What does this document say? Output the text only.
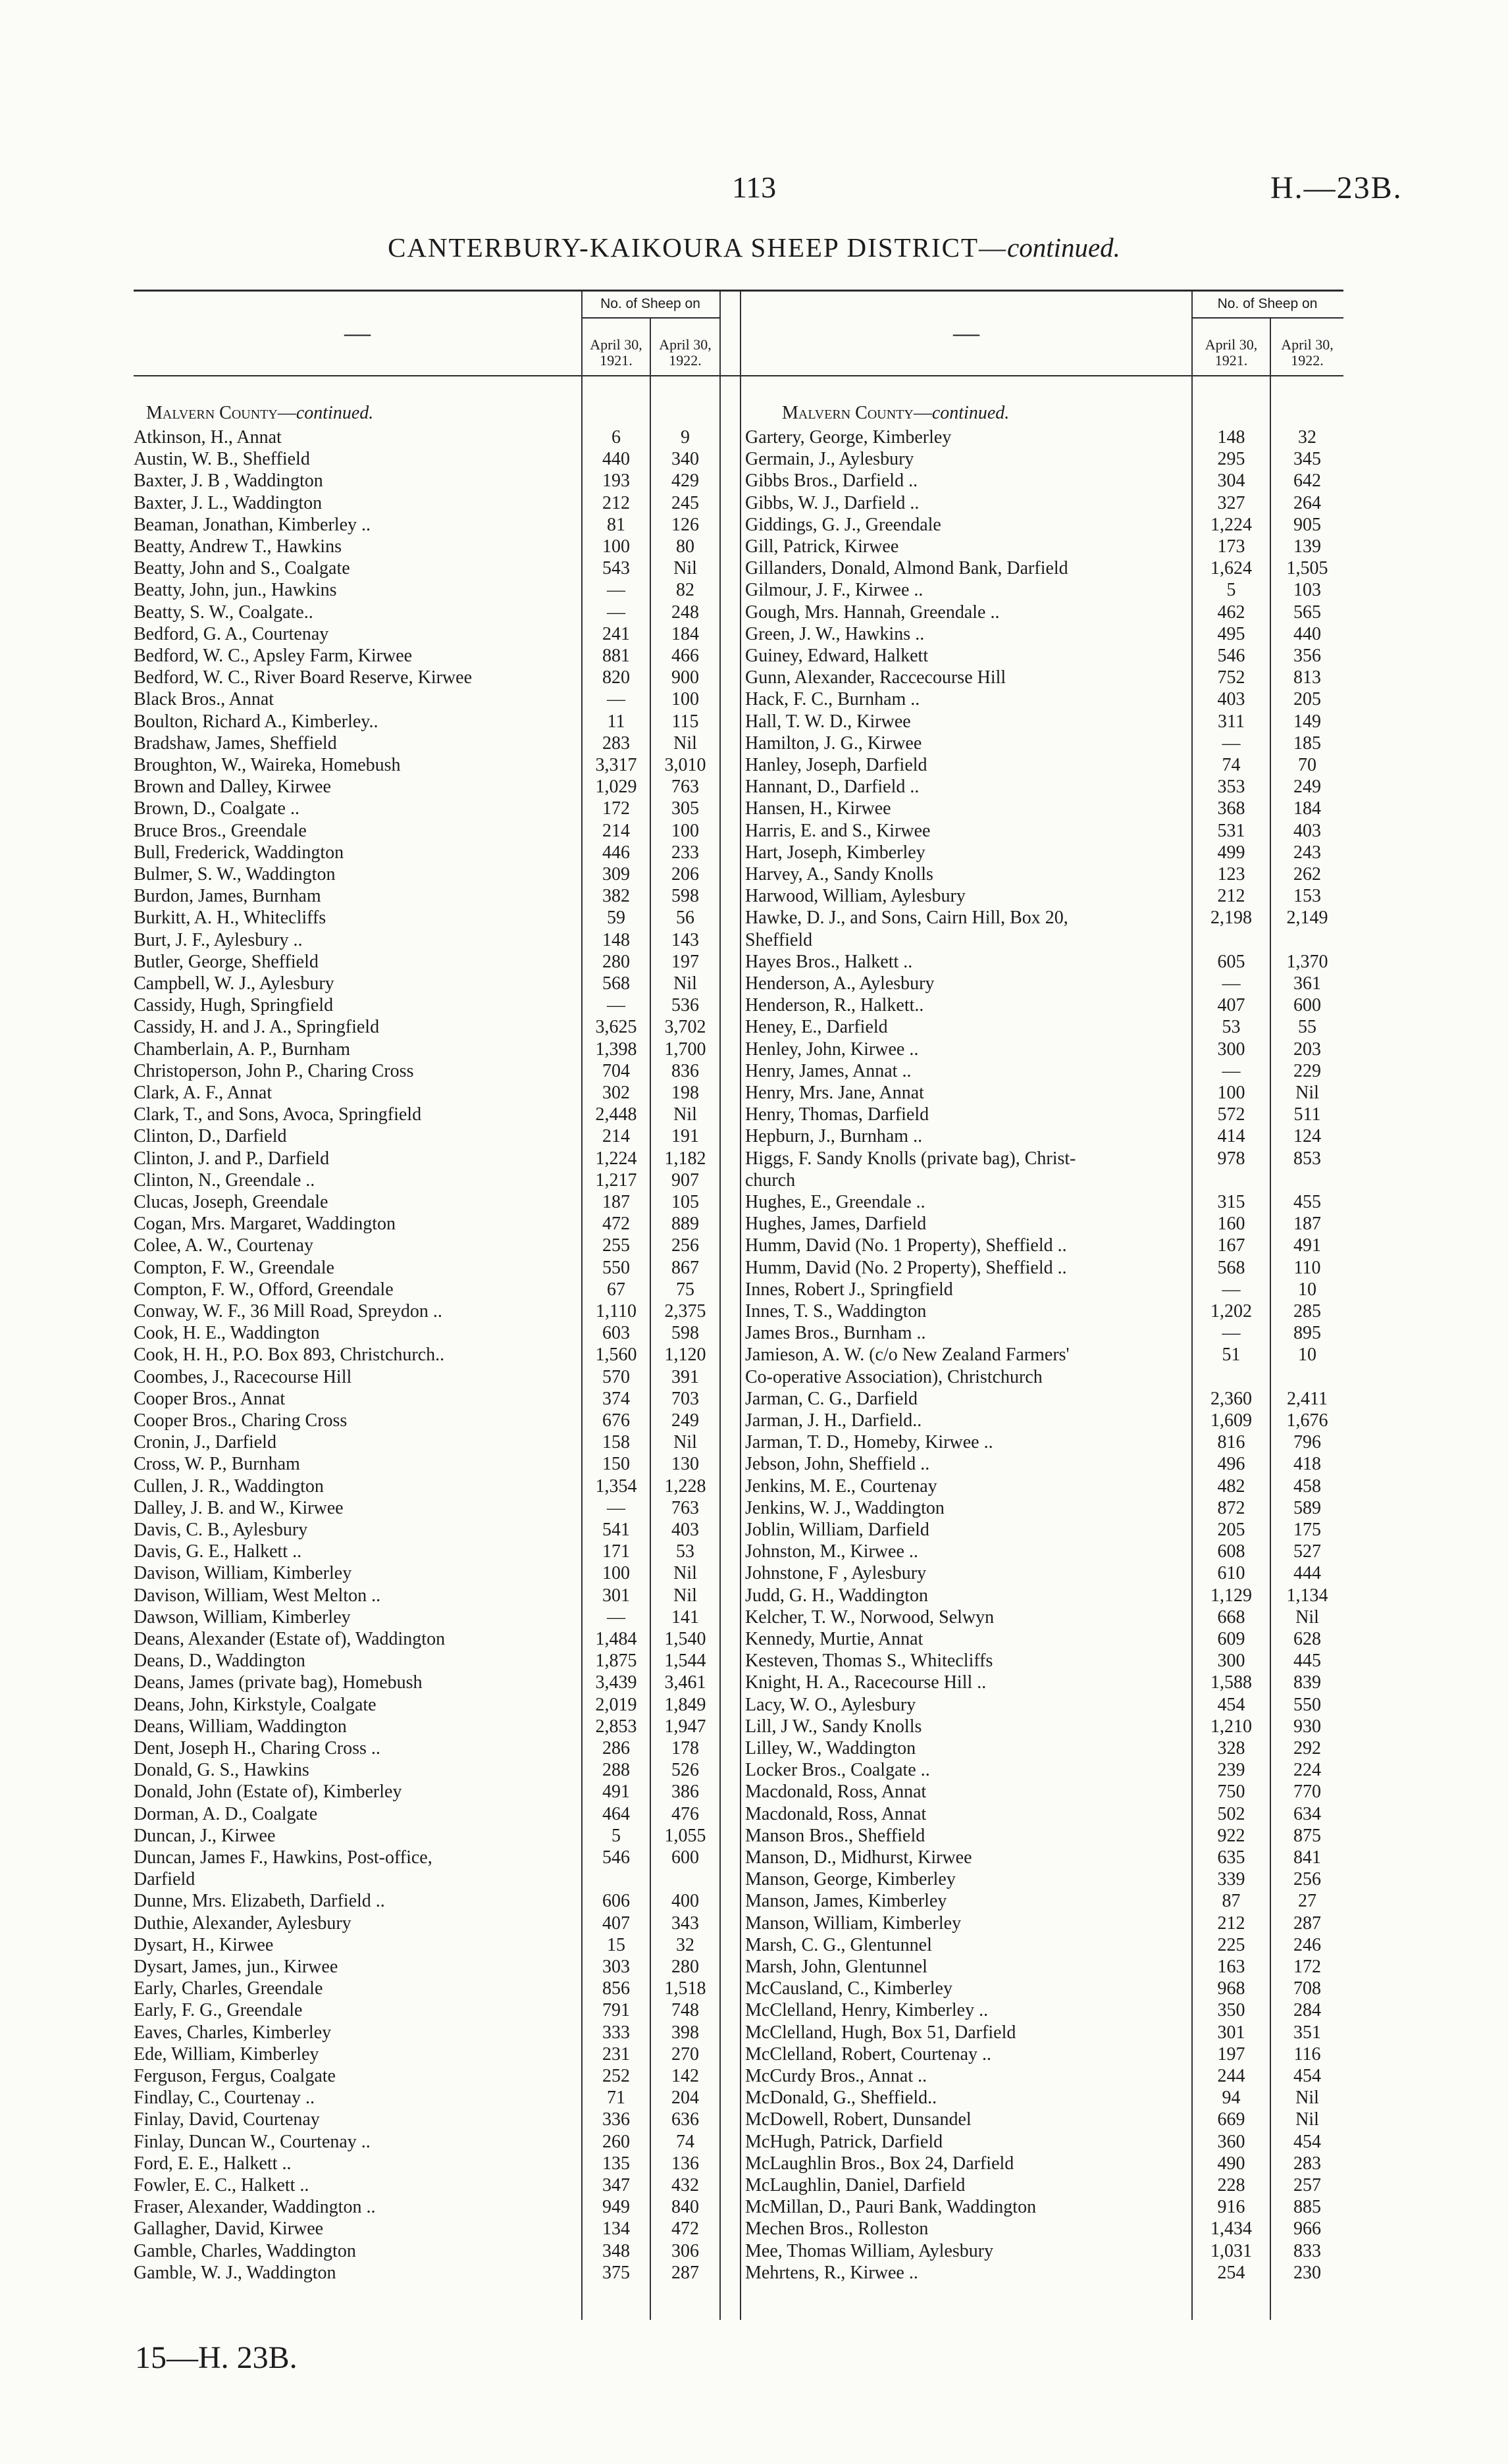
113	H.—23B.
CANTERBURY-KAIKOURA SHEEP DISTRICT—continued.
—
No. of Sheep on
April 30,
1921.
April 30,
1922.
—
No. of Sheep on
April 30,
1921.
April 30,
1922.
Malvern County—continued.	Malvern County—continued.
Atkinson, H., Annat	6	9
Austin, W. B., Sheffield	440	340
Baxter, J. B , Waddington	193	429
Baxter, J. L., Waddington	212	245
Beaman, Jonathan, Kimberley ..	81	126
Beatty, Andrew T., Hawkins	100	80
Beatty, John and S., Coalgate	543	Nil
Beatty, John, jun., Hawkins	—	82
Beatty, S. W., Coalgate..	—	248
Bedford, G. A., Courtenay	241	184
Bedford, W. C., Apsley Farm, Kirwee	881	466
Bedford, W. C., River Board Reserve, Kirwee	820	900
Black Bros., Annat	—	100
Boulton, Richard A., Kimberley..	11	115
Bradshaw, James, Sheffield	283	Nil
Broughton, W., Waireka, Homebush	3,317	3,010
Brown and Dalley, Kirwee	1,029	763
Brown, D., Coalgate ..	172	305
Bruce Bros., Greendale	214	100
Bull, Frederick, Waddington	446	233
Bulmer, S. W., Waddington	309	206
Burdon, James, Burnham	382	598
Burkitt, A. H., Whitecliffs	59	56
Burt, J. F., Aylesbury ..	148	143
Butler, George, Sheffield	280	197
Campbell, W. J., Aylesbury	568	Nil
Cassidy, Hugh, Springfield	—	536
Cassidy, H. and J. A., Springfield	3,625	3,702
Chamberlain, A. P., Burnham	1,398	1,700
Christoperson, John P., Charing Cross	704	836
Clark, A. F., Annat	302	198
Clark, T., and Sons, Avoca, Springfield	2,448	Nil
Clinton, D., Darfield	214	191
Clinton, J. and P., Darfield	1,224	1,182
Clinton, N., Greendale ..	1,217	907
Clucas, Joseph, Greendale	187	105
Cogan, Mrs. Margaret, Waddington	472	889
Colee, A. W., Courtenay	255	256
Compton, F. W., Greendale	550	867
Compton, F. W., Offord, Greendale	67	75
Conway, W. F., 36 Mill Road, Spreydon ..	1,110	2,375
Cook, H. E., Waddington	603	598
Cook, H. H., P.O. Box 893, Christchurch..	1,560	1,120
Coombes, J., Racecourse Hill	570	391
Cooper Bros., Annat	374	703
Cooper Bros., Charing Cross	676	249
Cronin, J., Darfield	158	Nil
Cross, W. P., Burnham	150	130
Cullen, J. R., Waddington	1,354	1,228
Dalley, J. B. and W., Kirwee	—	763
Davis, C. B., Aylesbury	541	403
Davis, G. E., Halkett ..	171	53
Davison, William, Kimberley	100	Nil
Davison, William, West Melton ..	301	Nil
Dawson, William, Kimberley	—	141
Deans, Alexander (Estate of), Waddington	1,484	1,540
Deans, D., Waddington	1,875	1,544
Deans, James (private bag), Homebush	3,439	3,461
Deans, John, Kirkstyle, Coalgate	2,019	1,849
Deans, William, Waddington	2,853	1,947
Dent, Joseph H., Charing Cross ..	286	178
Donald, G. S., Hawkins	288	526
Donald, John (Estate of), Kimberley	491	386
Dorman, A. D., Coalgate	464	476
Duncan, J., Kirwee	5	1,055
Duncan, James F., Hawkins, Post-office,	546	600
Darfield
Dunne, Mrs. Elizabeth, Darfield ..	606	400
Duthie, Alexander, Aylesbury	407	343
Dysart, H., Kirwee	15	32
Dysart, James, jun., Kirwee	303	280
Early, Charles, Greendale	856	1,518
Early, F. G., Greendale	791	748
Eaves, Charles, Kimberley	333	398
Ede, William, Kimberley	231	270
Ferguson, Fergus, Coalgate	252	142
Findlay, C., Courtenay ..	71	204
Finlay, David, Courtenay	336	636
Finlay, Duncan W., Courtenay ..	260	74
Ford, E. E., Halkett ..	135	136
Fowler, E. C., Halkett ..	347	432
Fraser, Alexander, Waddington ..	949	840
Gallagher, David, Kirwee	134	472
Gamble, Charles, Waddington	348	306
Gamble, W. J., Waddington	375	287
Gartery, George, Kimberley	148	32
Germain, J., Aylesbury	295	345
Gibbs Bros., Darfield ..	304	642
Gibbs, W. J., Darfield ..	327	264
Giddings, G. J., Greendale	1,224	905
Gill, Patrick, Kirwee	173	139
Gillanders, Donald, Almond Bank, Darfield	1,624	1,505
Gilmour, J. F., Kirwee ..	5	103
Gough, Mrs. Hannah, Greendale ..	462	565
Green, J. W., Hawkins ..	495	440
Guiney, Edward, Halkett	546	356
Gunn, Alexander, Raccecourse Hill	752	813
Hack, F. C., Burnham ..	403	205
Hall, T. W. D., Kirwee	311	149
Hamilton, J. G., Kirwee	—	185
Hanley, Joseph, Darfield	74	70
Hannant, D., Darfield ..	353	249
Hansen, H., Kirwee	368	184
Harris, E. and S., Kirwee	531	403
Hart, Joseph, Kimberley	499	243
Harvey, A., Sandy Knolls	123	262
Harwood, William, Aylesbury	212	153
Hawke, D. J., and Sons, Cairn Hill, Box 20,	2,198	2,149
Sheffield
Hayes Bros., Halkett ..	605	1,370
Henderson, A., Aylesbury	—	361
Henderson, R., Halkett..	407	600
Heney, E., Darfield	53	55
Henley, John, Kirwee ..	300	203
Henry, James, Annat ..	—	229
Henry, Mrs. Jane, Annat	100	Nil
Henry, Thomas, Darfield	572	511
Hepburn, J., Burnham ..	414	124
Higgs, F. Sandy Knolls (private bag), Christ-	978	853
church
Hughes, E., Greendale ..	315	455
Hughes, James, Darfield	160	187
Humm, David (No. 1 Property), Sheffield ..	167	491
Humm, David (No. 2 Property), Sheffield ..	568	110
Innes, Robert J., Springfield	—	10
Innes, T. S., Waddington	1,202	285
James Bros., Burnham ..	—	895
Jamieson, A. W. (c/o New Zealand Farmers'	51	10
Co-operative Association), Christchurch
Jarman, C. G., Darfield	2,360	2,411
Jarman, J. H., Darfield..	1,609	1,676
Jarman, T. D., Homeby, Kirwee ..	816	796
Jebson, John, Sheffield ..	496	418
Jenkins, M. E., Courtenay	482	458
Jenkins, W. J., Waddington	872	589
Joblin, William, Darfield	205	175
Johnston, M., Kirwee ..	608	527
Johnstone, F , Aylesbury	610	444
Judd, G. H., Waddington	1,129	1,134
Kelcher, T. W., Norwood, Selwyn	668	Nil
Kennedy, Murtie, Annat	609	628
Kesteven, Thomas S., Whitecliffs	300	445
Knight, H. A., Racecourse Hill ..	1,588	839
Lacy, W. O., Aylesbury	454	550
Lill, J W., Sandy Knolls	1,210	930
Lilley, W., Waddington	328	292
Locker Bros., Coalgate ..	239	224
Macdonald, Ross, Annat	750	770
Macdonald, Ross, Annat	502	634
Manson Bros., Sheffield	922	875
Manson, D., Midhurst, Kirwee	635	841
Manson, George, Kimberley	339	256
Manson, James, Kimberley	87	27
Manson, William, Kimberley	212	287
Marsh, C. G., Glentunnel	225	246
Marsh, John, Glentunnel	163	172
McCausland, C., Kimberley	968	708
McClelland, Henry, Kimberley ..	350	284
McClelland, Hugh, Box 51, Darfield	301	351
McClelland, Robert, Courtenay ..	197	116
McCurdy Bros., Annat ..	244	454
McDonald, G., Sheffield..	94	Nil
McDowell, Robert, Dunsandel	669	Nil
McHugh, Patrick, Darfield	360	454
McLaughlin Bros., Box 24, Darfield	490	283
McLaughlin, Daniel, Darfield	228	257
McMillan, D., Pauri Bank, Waddington	916	885
Mechen Bros., Rolleston	1,434	966
Mee, Thomas William, Aylesbury	1,031	833
Mehrtens, R., Kirwee ..	254	230
15—H. 23B.
